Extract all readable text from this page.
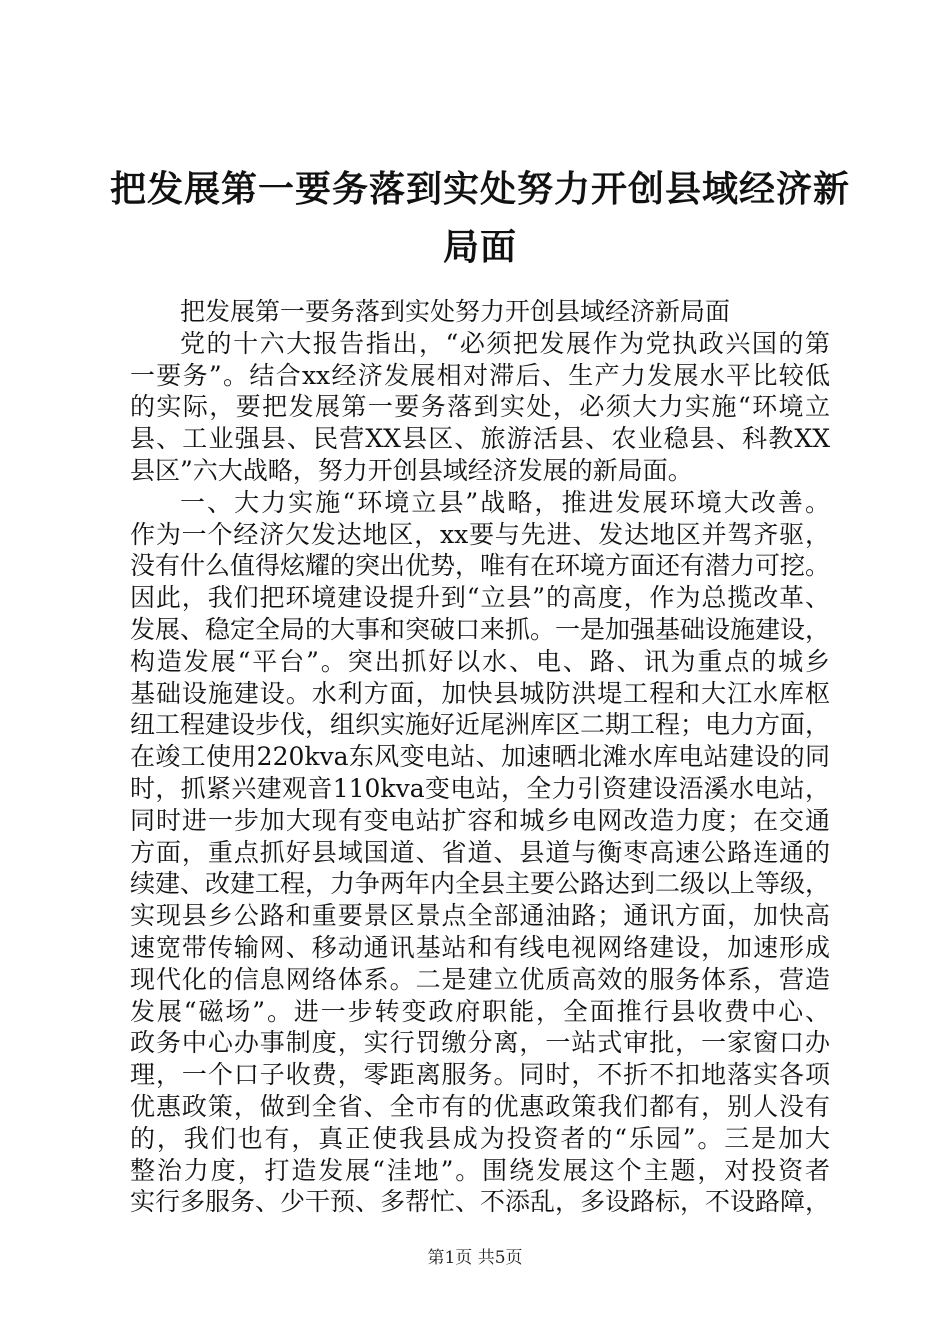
把发展第一要务落到实处努力开创县域经济新
局面
把发展第一要务落到实处努力开创县域经济新局面
党的十六大报告指出，“必须把发展作为党执政兴国的第
一要务”。结合xx经济发展相对滞后、生产力发展水平比较低
的实际，要把发展第一要务落到实处，必须大力实施“环境立
县、工业强县、民营XX县区、旅游活县、农业稳县、科教XX
县区”六大战略，努力开创县域经济发展的新局面。
一、大力实施“环境立县”战略，推进发展环境大改善。
作为一个经济欠发达地区，xx要与先进、发达地区并驾齐驱，
没有什么值得炫耀的突出优势，唯有在环境方面还有潜力可挖。
因此，我们把环境建设提升到“立县”的高度，作为总揽改革、
发展、稳定全局的大事和突破口来抓。一是加强基础设施建设，
构造发展“平台”。突出抓好以水、电、路、讯为重点的城乡
基础设施建设。水利方面，加快县城防洪堤工程和大江水库枢
纽工程建设步伐，组织实施好近尾洲库区二期工程；电力方面，
在竣工使用220kva东风变电站、加速晒北滩水库电站建设的同
时，抓紧兴建观音110kva变电站，全力引资建设浯溪水电站，
同时进一步加大现有变电站扩容和城乡电网改造力度；在交通
方面，重点抓好县域国道、省道、县道与衡枣高速公路连通的
续建、改建工程，力争两年内全县主要公路达到二级以上等级，
实现县乡公路和重要景区景点全部通油路；通讯方面，加快高
速宽带传输网、移动通讯基站和有线电视网络建设，加速形成
现代化的信息网络体系。二是建立优质高效的服务体系，营造
发展“磁场”。进一步转变政府职能，全面推行县收费中心、
政务中心办事制度，实行罚缴分离，一站式审批，一家窗口办
理，一个口子收费，零距离服务。同时，不折不扣地落实各项
优惠政策，做到全省、全市有的优惠政策我们都有，别人没有
的，我们也有，真正使我县成为投资者的“乐园”。三是加大
整治力度，打造发展“洼地”。围绕发展这个主题，对投资者
实行多服务、少干预、多帮忙、不添乱，多设路标，不设路障，
第1页 共5页
